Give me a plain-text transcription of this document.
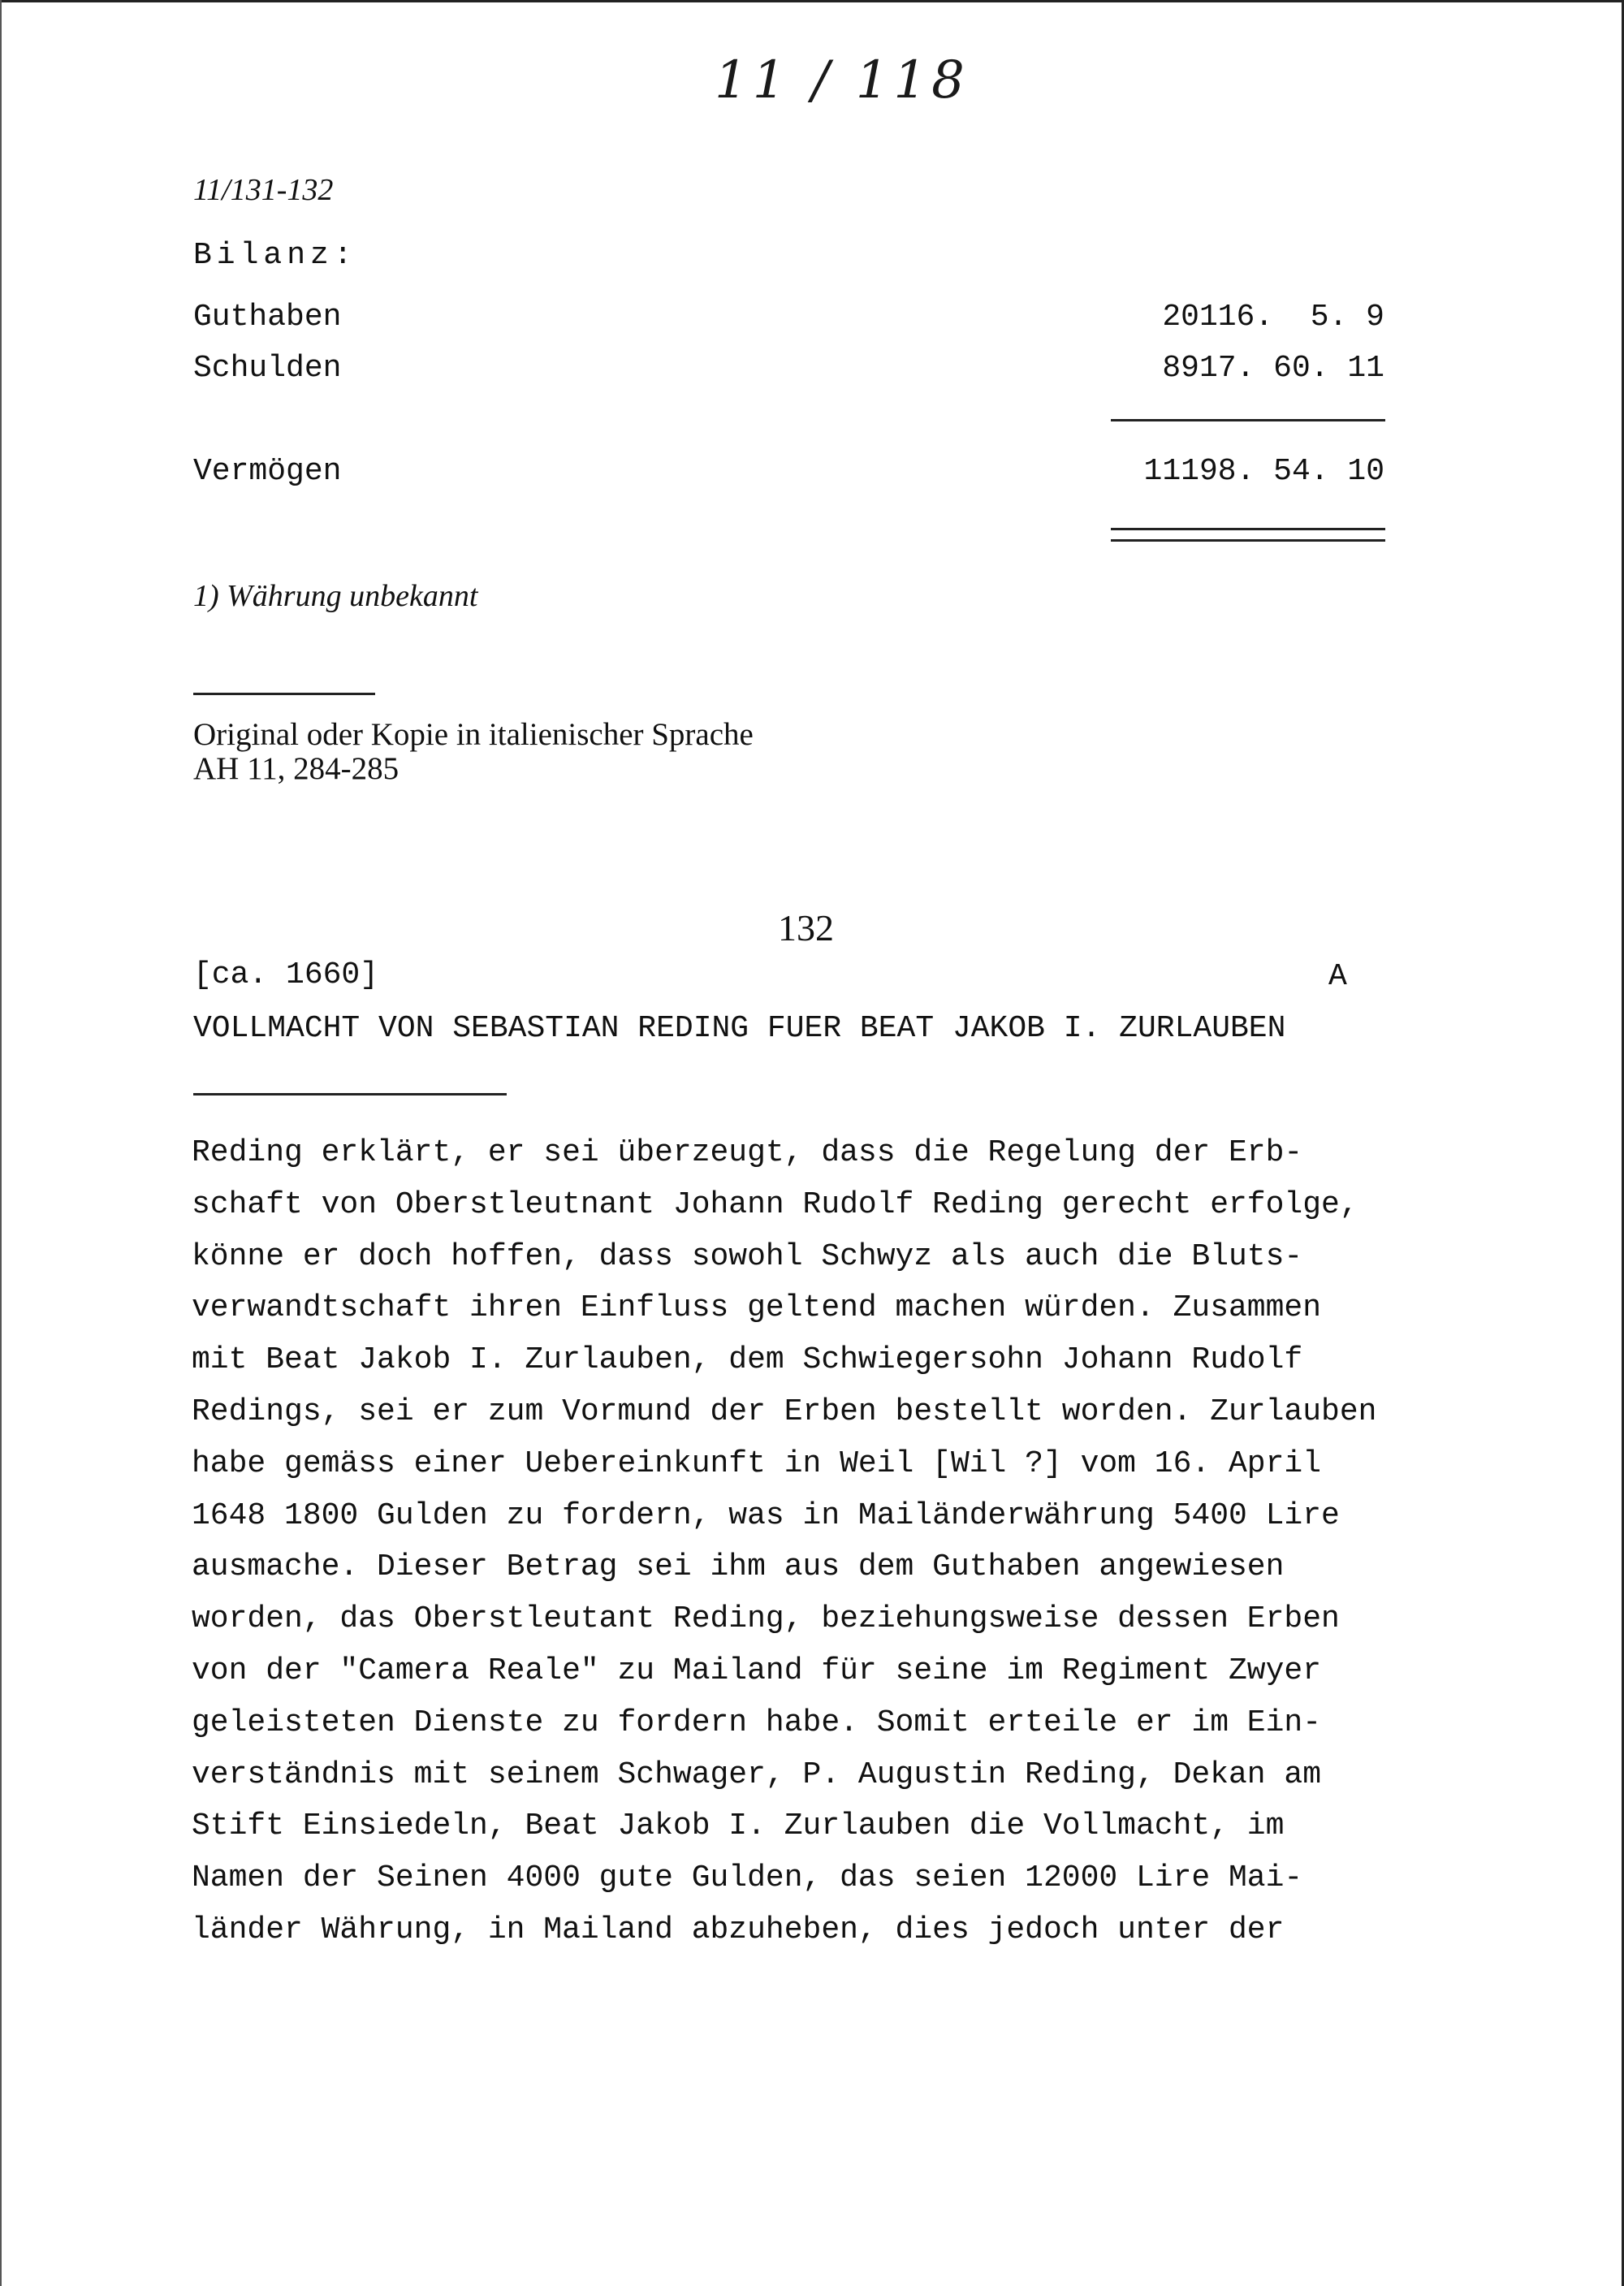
11 / 118
11/131-132
Bilanz:
Guthaben	20116.  5. 9
Schulden	8917. 60. 11
Vermögen	11198. 54. 10
1) Währung unbekannt
Original oder Kopie in italienischer Sprache
AH 11, 284-285
132
[ca. 1660]	A
VOLLMACHT VON SEBASTIAN REDING FUER BEAT JAKOB I. ZURLAUBEN
Reding erklärt, er sei überzeugt, dass die Regelung der Erb-
schaft von Oberstleutnant Johann Rudolf Reding gerecht erfolge,
könne er doch hoffen, dass sowohl Schwyz als auch die Bluts-
verwandtschaft ihren Einfluss geltend machen würden. Zusammen
mit Beat Jakob I. Zurlauben, dem Schwiegersohn Johann Rudolf
Redings, sei er zum Vormund der Erben bestellt worden. Zurlauben
habe gemäss einer Uebereinkunft in Weil [Wil ?] vom 16. April
1648 1800 Gulden zu fordern, was in Mailänderwährung 5400 Lire
ausmache. Dieser Betrag sei ihm aus dem Guthaben angewiesen
worden, das Oberstleutant Reding, beziehungsweise dessen Erben
von der "Camera Reale" zu Mailand für seine im Regiment Zwyer
geleisteten Dienste zu fordern habe. Somit erteile er im Ein-
verständnis mit seinem Schwager, P. Augustin Reding, Dekan am
Stift Einsiedeln, Beat Jakob I. Zurlauben die Vollmacht, im
Namen der Seinen 4000 gute Gulden, das seien 12000 Lire Mai-
länder Währung, in Mailand abzuheben, dies jedoch unter der
